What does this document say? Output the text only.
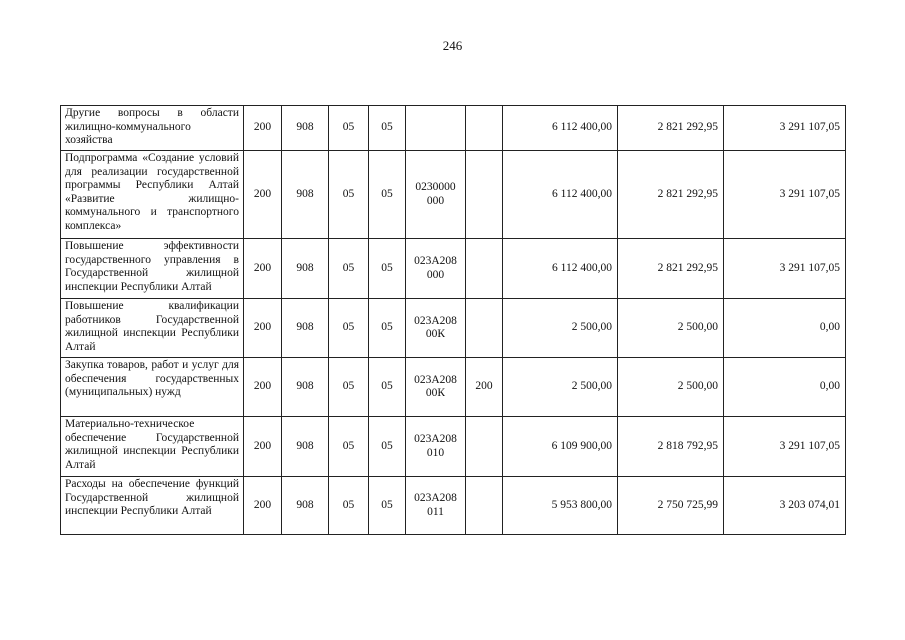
246
Другие вопросы в области жилищно-коммунального хозяйства	200	908	05	05			6 112 400,00	2 821 292,95	3 291 107,05
Подпрограмма «Создание условий для реализации государственной программы Республики Алтай «Развитие жилищно-коммунального и транспортного комплекса»	200	908	05	05	0230000 000		6 112 400,00	2 821 292,95	3 291 107,05
Повышение эффективности государственного управления в Государственной жилищной инспекции Республики Алтай	200	908	05	05	023А208 000		6 112 400,00	2 821 292,95	3 291 107,05
Повышение квалификации работников Государственной жилищной инспекции Республики Алтай	200	908	05	05	023А208 00К		2 500,00	2 500,00	0,00
Закупка товаров, работ и услуг для обеспечения государственных (муниципальных) нужд	200	908	05	05	023А208 00К	200	2 500,00	2 500,00	0,00
Материально-техническое обеспечение Государственной жилищной инспекции Республики Алтай	200	908	05	05	023А208 010		6 109 900,00	2 818 792,95	3 291 107,05
Расходы на обеспечение функций Государственной жилищной инспекции Республики Алтай	200	908	05	05	023А208 011		5 953 800,00	2 750 725,99	3 203 074,01
